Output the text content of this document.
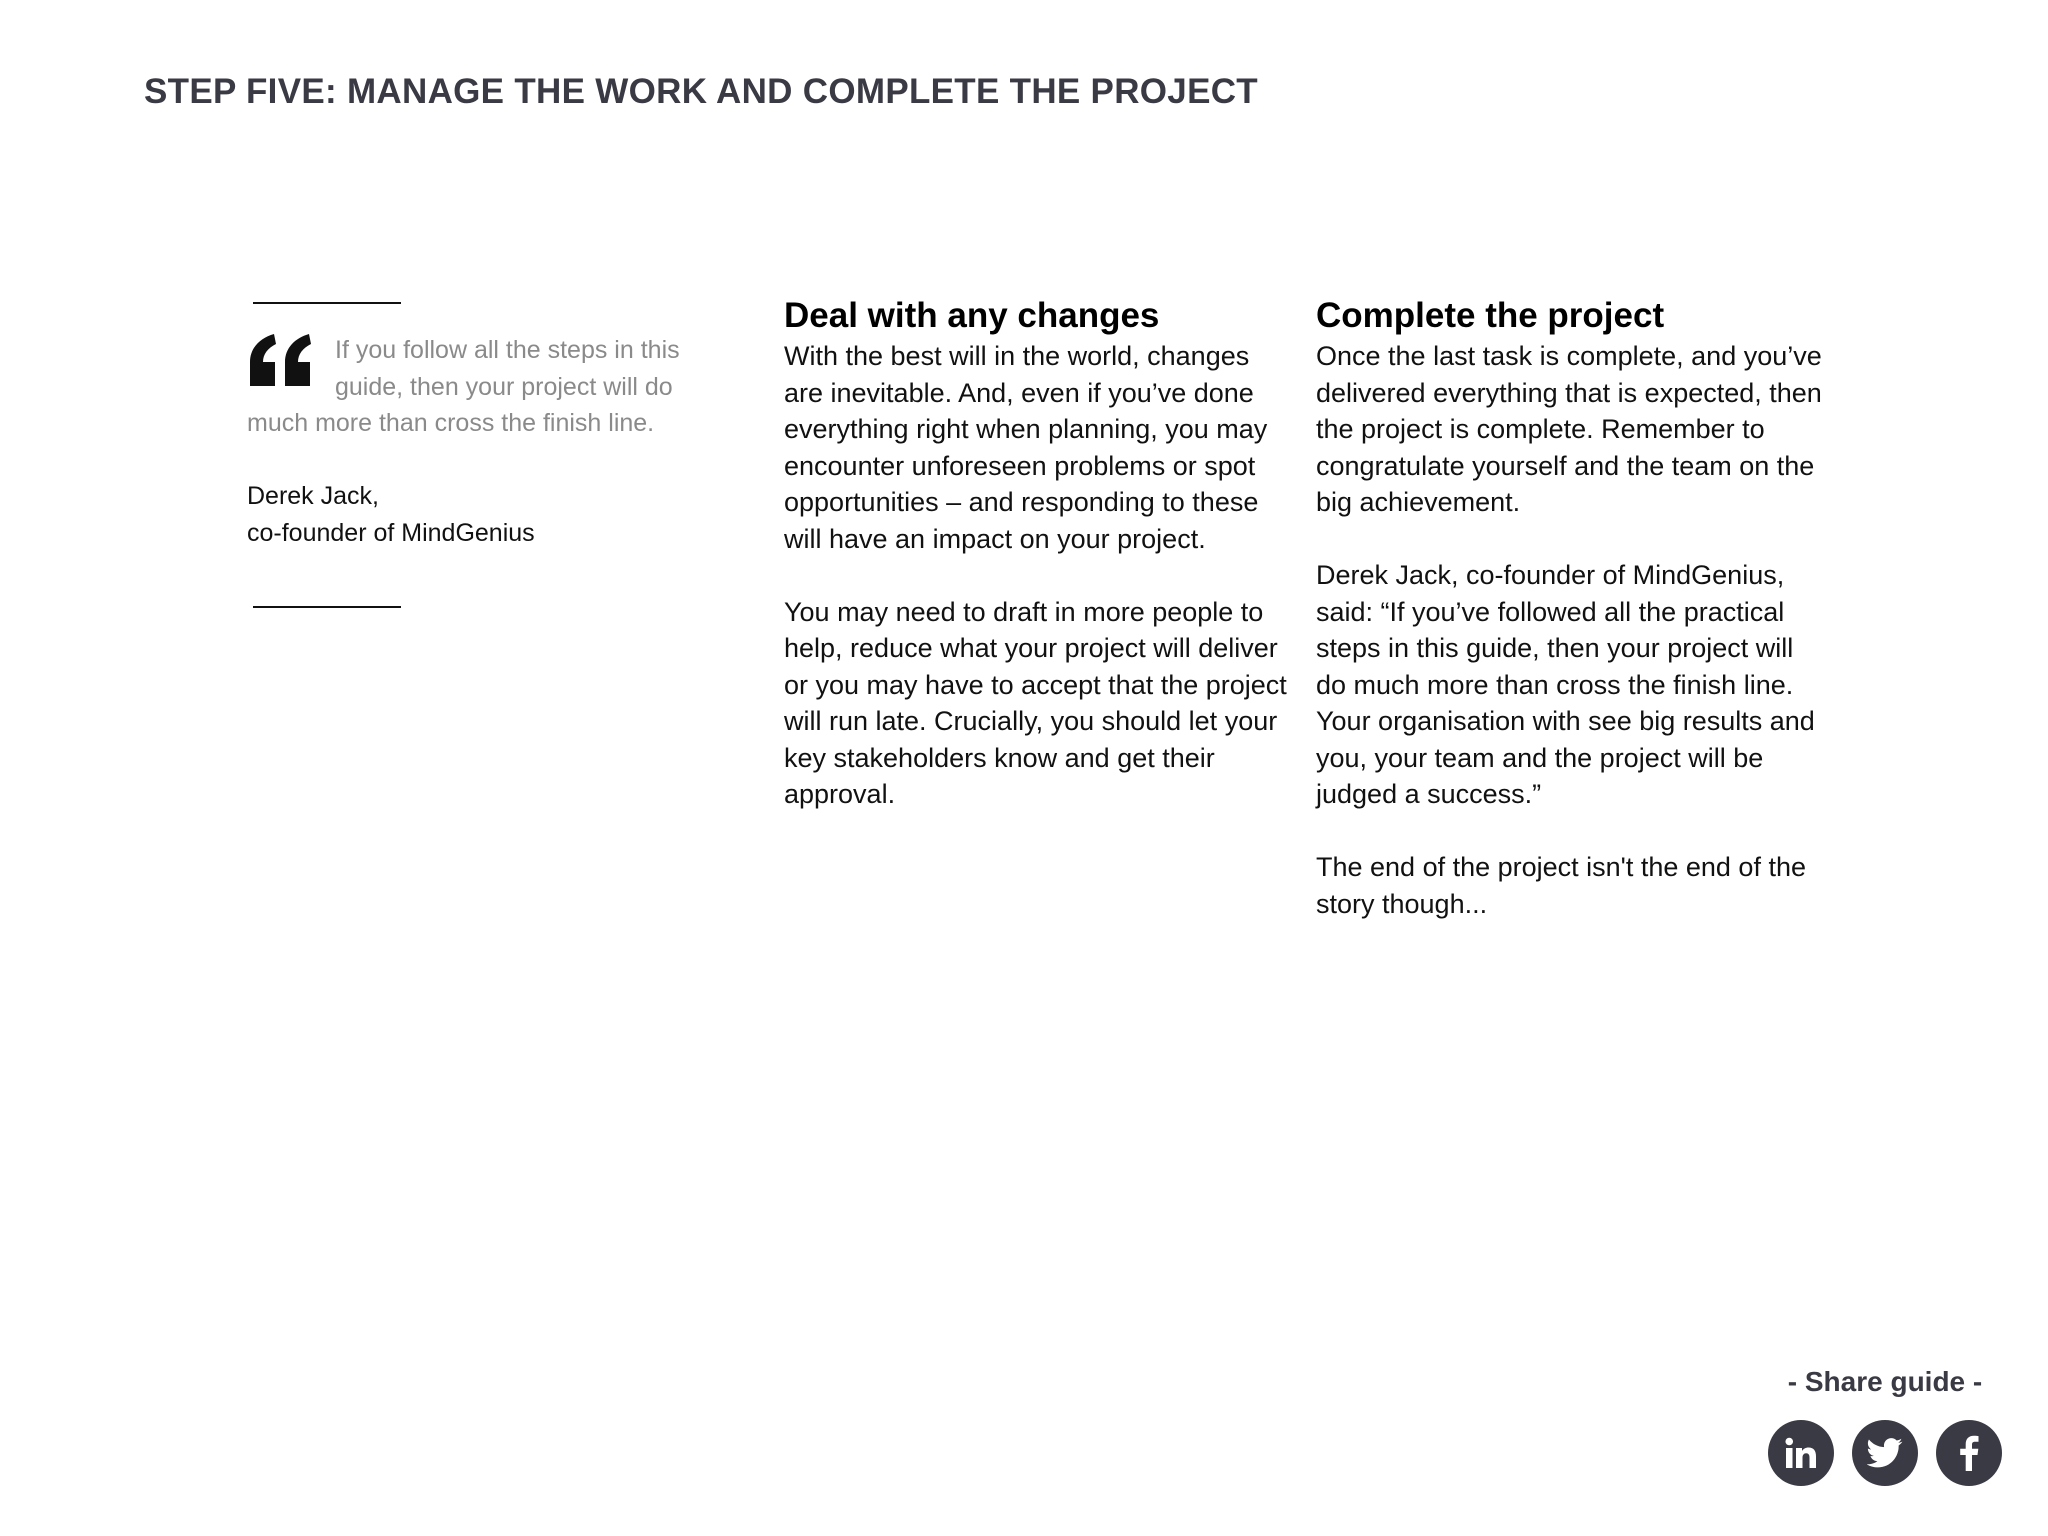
STEP FIVE: MANAGE THE WORK AND COMPLETE THE PROJECT

If you follow all the steps in this guide, then your project will do much more than cross the finish line.

Derek Jack,
co-founder of MindGenius

Deal with any changes

With the best will in the world, changes are inevitable. And, even if you’ve done everything right when planning, you may encounter unforeseen problems or spot opportunities – and responding to these will have an impact on your project.

You may need to draft in more people to help, reduce what your project will deliver or you may have to accept that the project will run late. Crucially, you should let your key stakeholders know and get their approval.

Complete the project

Once the last task is complete, and you’ve delivered everything that is expected, then the project is complete. Remember to congratulate yourself and the team on the big achievement.

Derek Jack, co-founder of MindGenius, said: “If you’ve followed all the practical steps in this guide, then your project will do much more than cross the finish line. Your organisation with see big results and you, your team and the project will be judged a success.”

The end of the project isn't the end of the story though...

- Share guide -
